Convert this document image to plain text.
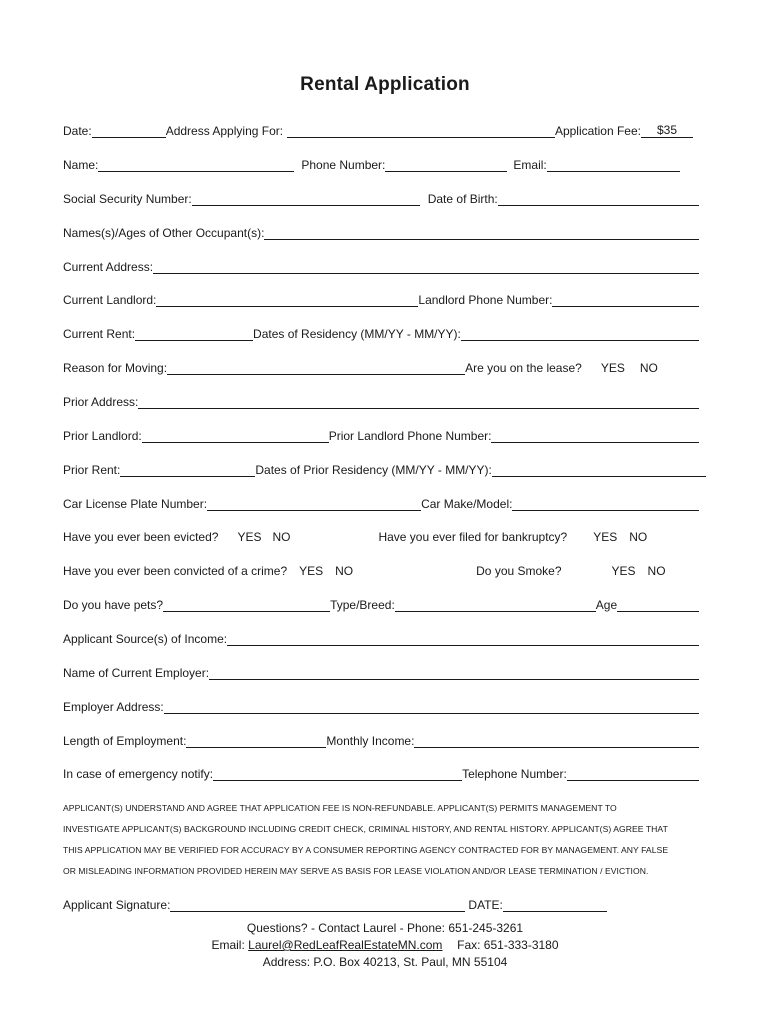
Rental Application
Date:	Address Applying For:	Application Fee:	$35
Name:	Phone Number:	Email:
Social Security Number:	Date of Birth:
Names(s)/Ages of Other Occupant(s):
Current Address:
Current Landlord:	Landlord Phone Number:
Current Rent:	Dates of Residency (MM/YY - MM/YY):
Reason for Moving:	Are you on the lease? YES NO
Prior Address:
Prior Landlord:	Prior Landlord Phone Number:
Prior Rent:	Dates of Prior Residency (MM/YY - MM/YY):
Car License Plate Number:	Car Make/Model:
Have you ever been evicted? YES NO	Have you ever filed for bankruptcy? YES NO
Have you ever been convicted of a crime? YES NO	Do you Smoke?	YES NO
Do you have pets?	Type/Breed:	Age
Applicant Source(s) of Income:
Name of Current Employer:
Employer Address:
Length of Employment:	Monthly Income:
In case of emergency notify:	Telephone Number:

APPLICANT(S) UNDERSTAND AND AGREE THAT APPLICATION FEE IS NON-REFUNDABLE. APPLICANT(S) PERMITS MANAGEMENT TO

INVESTIGATE APPLICANT(S) BACKGROUND INCLUDING CREDIT CHECK, CRIMINAL HISTORY, AND RENTAL HISTORY. APPLICANT(S) AGREE THAT

THIS APPLICATION MAY BE VERIFIED FOR ACCURACY BY A CONSUMER REPORTING AGENCY CONTRACTED FOR BY MANAGEMENT. ANY FALSE

OR MISLEADING INFORMATION PROVIDED HEREIN MAY SERVE AS BASIS FOR LEASE VIOLATION AND/OR LEASE TERMINATION / EVICTION.

Applicant Signature:	DATE:
Questions? - Contact Laurel - Phone: 651-245-3261
Email: Laurel@RedLeafRealEstateMN.com Fax: 651-333-3180
Address: P.O. Box 40213, St. Paul, MN 55104
